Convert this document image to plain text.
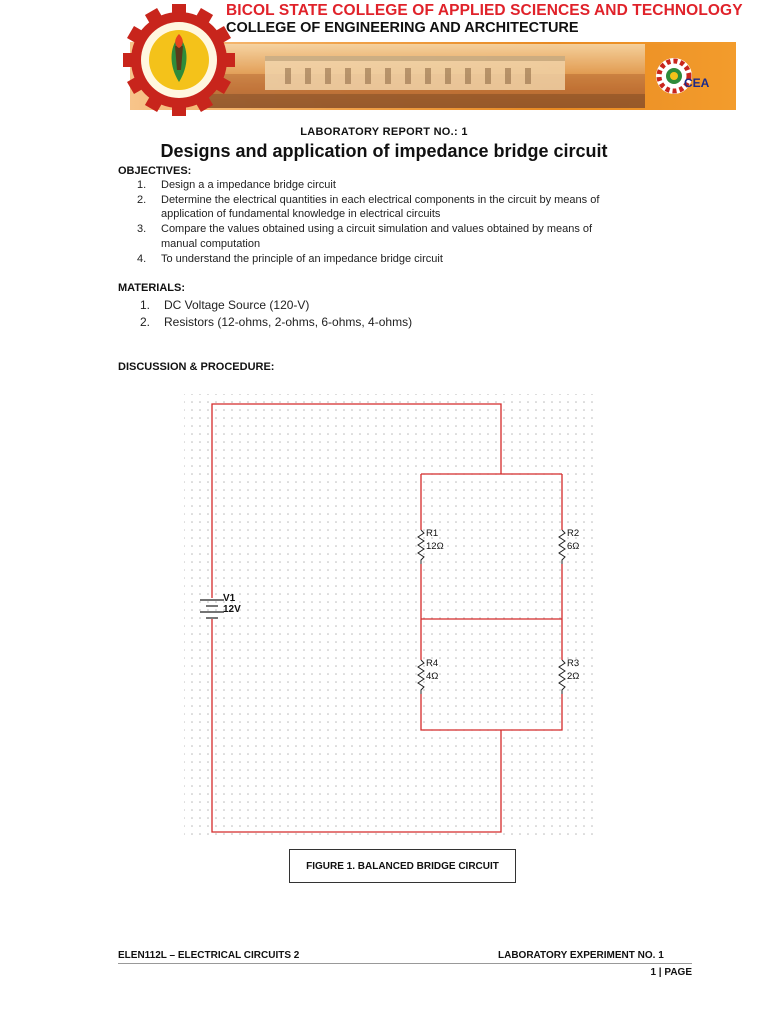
BICOL STATE COLLEGE OF APPLIED SCIENCES AND TECHNOLOGY
COLLEGE OF ENGINEERING AND ARCHITECTURE
CEA
LABORATORY REPORT NO.: 1
Designs and application of impedance bridge circuit
OBJECTIVES:
1. Design a a impedance bridge circuit
2. Determine the electrical quantities in each electrical components in the circuit by means of
application of fundamental knowledge in electrical circuits
3. Compare the values obtained using a circuit simulation and values obtained by means of
manual computation
4. To understand the principle of an impedance bridge circuit
MATERIALS:
1. DC Voltage Source (120-V)
2. Resistors (12-ohms, 2-ohms, 6-ohms, 4-ohms)
DISCUSSION & PROCEDURE:
V1
12V
R1
12Ω
R2
6Ω
R3
2Ω
R4
4Ω
FIGURE 1. BALANCED BRIDGE CIRCUIT
ELEN112L – ELECTRICAL CIRCUITS 2	LABORATORY EXPERIMENT NO. 1
1 | PAGE
